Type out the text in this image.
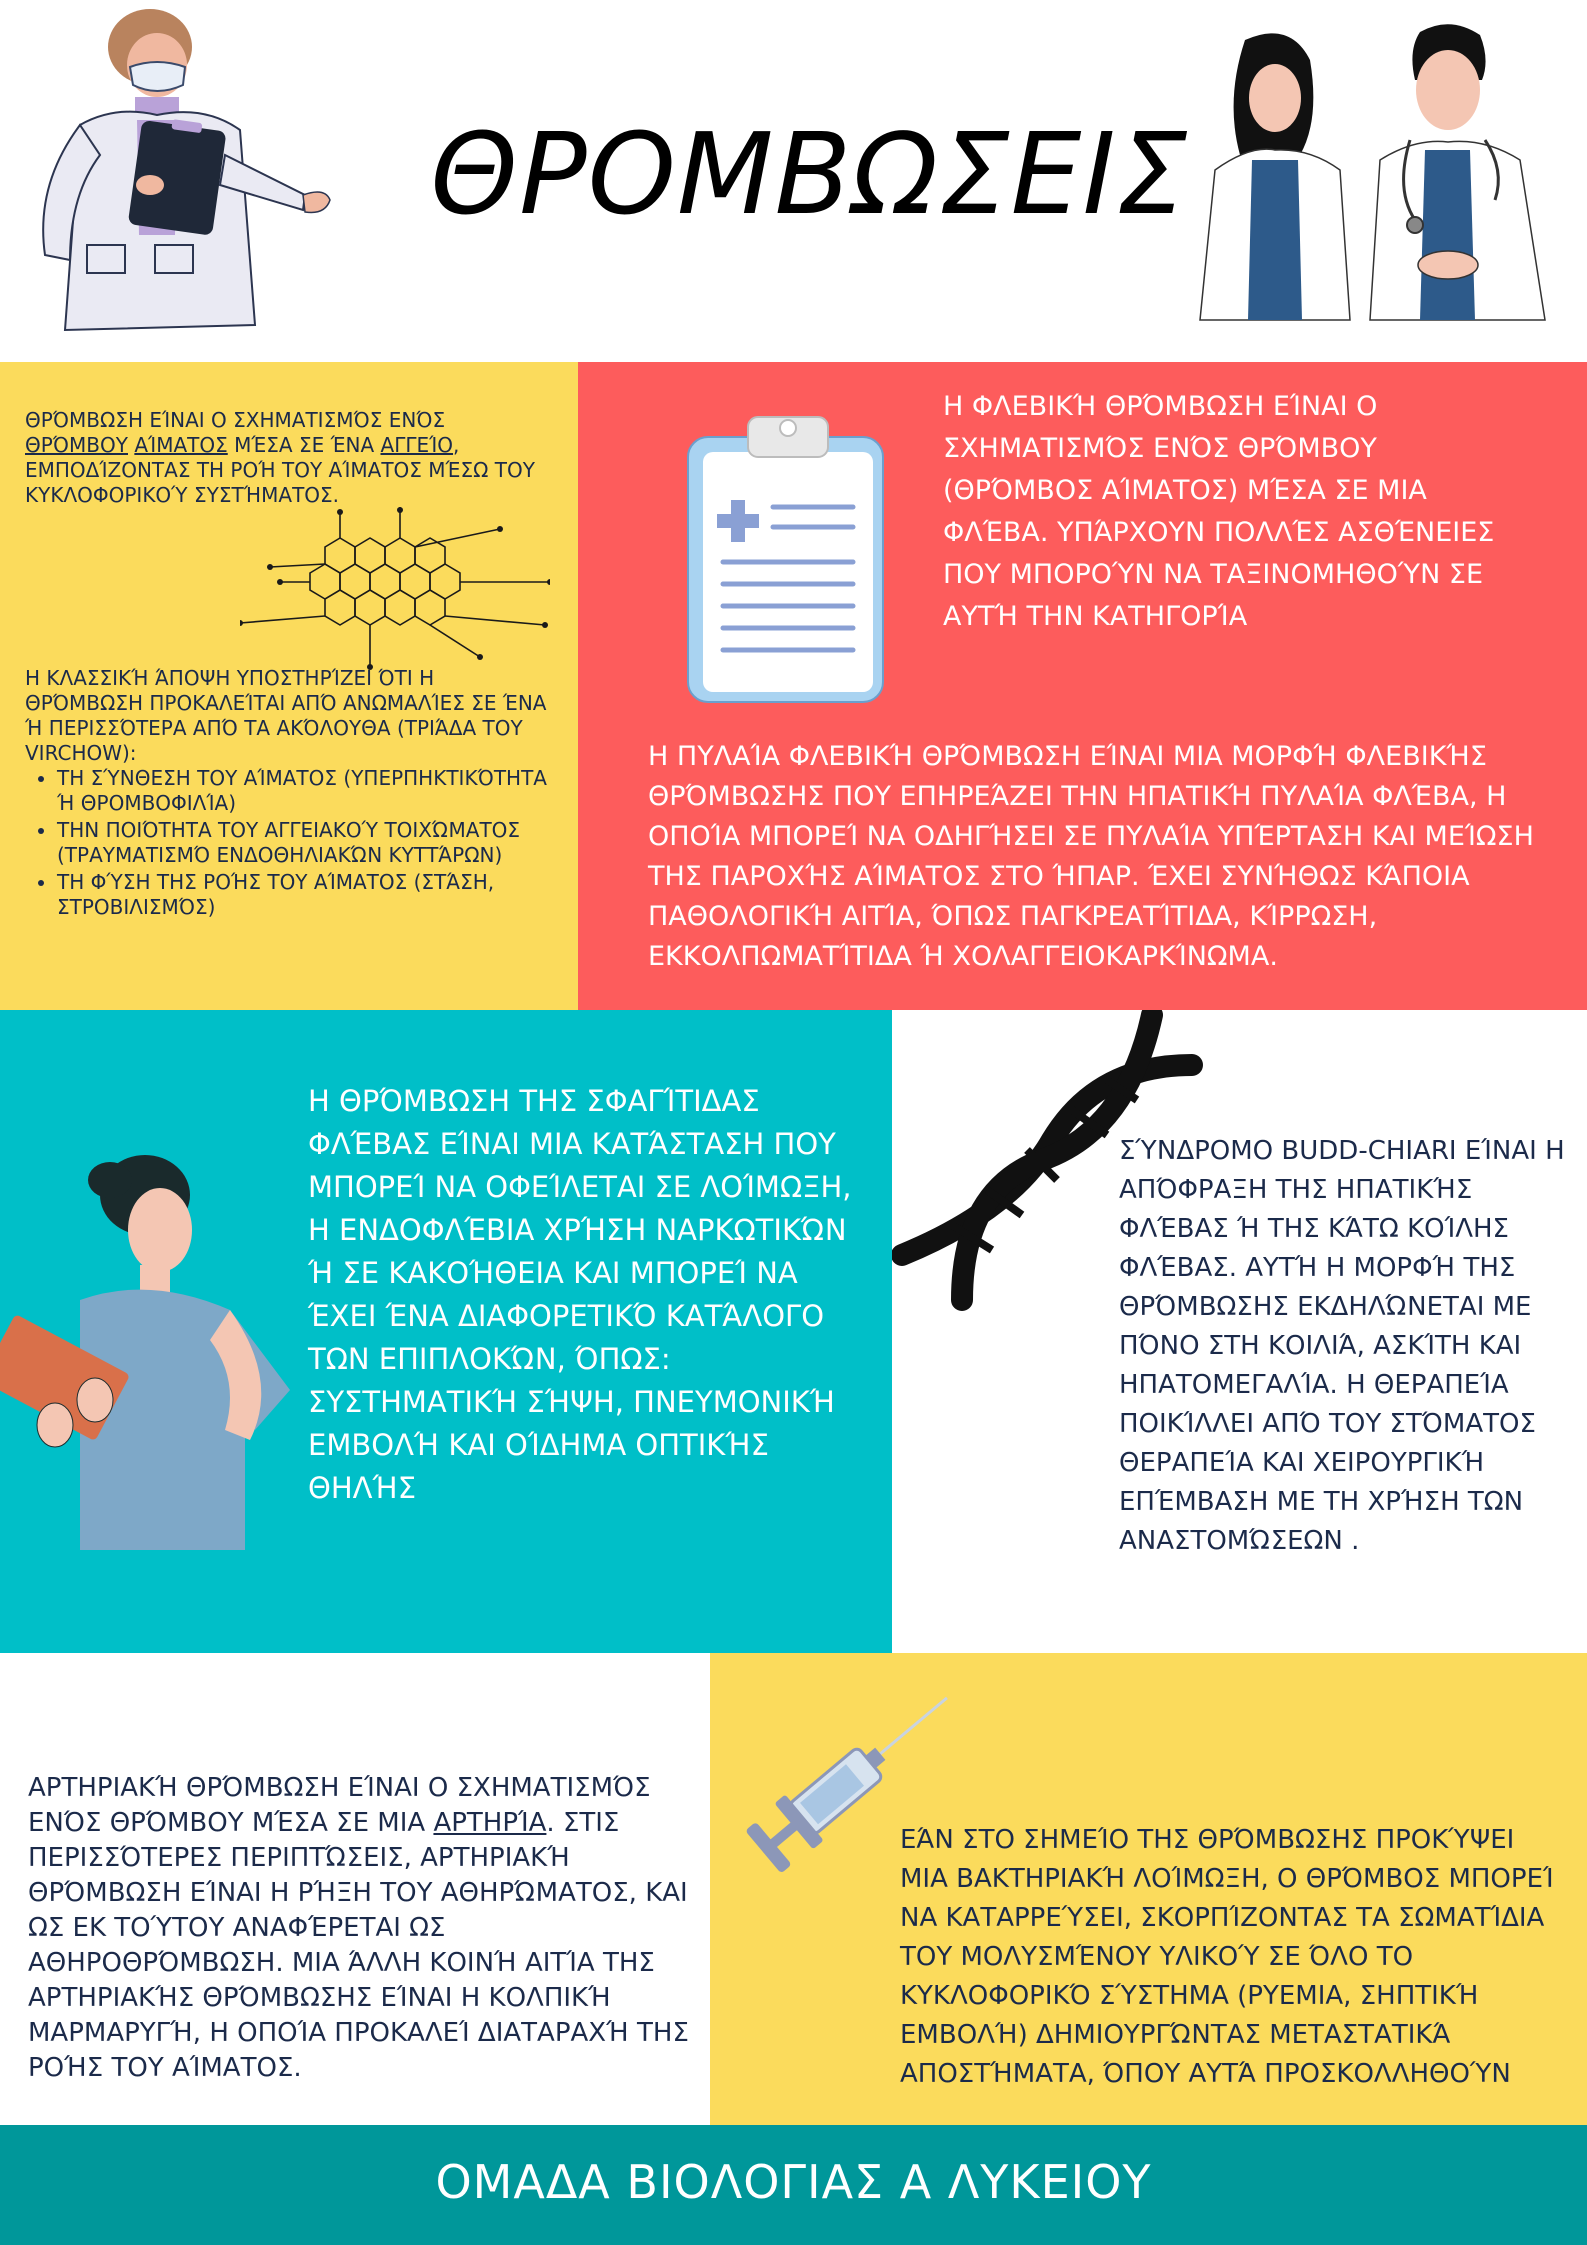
ΘΡΟΜΒΩΣΕΙΣ
ΘΡΌΜΒΩΣΗ ΕΊΝΑΙ Ο ΣΧΗΜΑΤΙΣΜΌΣ ΕΝΌΣ ΘΡΌΜΒΟΥ ΑΊΜΑΤΟΣ ΜΈΣΑ ΣΕ ΈΝΑ ΑΓΓΕΊΟ, ΕΜΠΟΔΊΖΟΝΤΑΣ ΤΗ ΡΟΉ ΤΟΥ ΑΊΜΑΤΟΣ ΜΈΣΩ ΤΟΥ ΚΥΚΛΟΦΟΡΙΚΟΎ ΣΥΣΤΉΜΑΤΟΣ.
Η ΚΛΑΣΣΙΚΉ ΆΠΟΨΗ ΥΠΟΣΤΗΡΊΖΕΙ ΌΤΙ Η ΘΡΌΜΒΩΣΗ ΠΡΟΚΑΛΕΊΤΑΙ ΑΠΌ ΑΝΩΜΑΛΊΕΣ ΣΕ ΈΝΑ Ή ΠΕΡΙΣΣΌΤΕΡΑ ΑΠΌ ΤΑ ΑΚΌΛΟΥΘΑ (ΤΡΙΆΔΑ ΤΟΥ VIRCHOW):
• ΤΗ ΣΎΝΘΕΣΗ ΤΟΥ ΑΊΜΑΤΟΣ (ΥΠΕΡΠΗΚΤΙΚΌΤΗΤΑ Ή ΘΡΟΜΒΟΦΙΛΊΑ)
• ΤΗΝ ΠΟΙΌΤΗΤΑ ΤΟΥ ΑΓΓΕΙΑΚΟΎ ΤΟΙΧΏΜΑΤΟΣ (ΤΡΑΥΜΑΤΙΣΜΌ ΕΝΔΟΘΗΛΙΑΚΏΝ ΚΥΤΤΆΡΩΝ)
• ΤΗ ΦΎΣΗ ΤΗΣ ΡΟΉΣ ΤΟΥ ΑΊΜΑΤΟΣ (ΣΤΆΣΗ, ΣΤΡΟΒΙΛΙΣΜΌΣ)
Η ΦΛΕΒΙΚΉ ΘΡΌΜΒΩΣΗ ΕΊΝΑΙ Ο ΣΧΗΜΑΤΙΣΜΌΣ ΕΝΌΣ ΘΡΌΜΒΟΥ (ΘΡΌΜΒΟΣ ΑΊΜΑΤΟΣ) ΜΈΣΑ ΣΕ ΜΙΑ ΦΛΈΒΑ. ΥΠΆΡΧΟΥΝ ΠΟΛΛΈΣ ΑΣΘΈΝΕΙΕΣ ΠΟΥ ΜΠΟΡΟΎΝ ΝΑ ΤΑΞΙΝΟΜΗΘΟΎΝ ΣΕ ΑΥΤΉ ΤΗΝ ΚΑΤΗΓΟΡΊΑ
Η ΠΥΛΑΊΑ ΦΛΕΒΙΚΉ ΘΡΌΜΒΩΣΗ ΕΊΝΑΙ ΜΙΑ ΜΟΡΦΉ ΦΛΕΒΙΚΉΣ ΘΡΌΜΒΩΣΗΣ ΠΟΥ ΕΠΗΡΕΆΖΕΙ ΤΗΝ ΗΠΑΤΙΚΉ ΠΥΛΑΊΑ ΦΛΈΒΑ, Η ΟΠΟΊΑ ΜΠΟΡΕΊ ΝΑ ΟΔΗΓΉΣΕΙ ΣΕ ΠΥΛΑΊΑ ΥΠΈΡΤΑΣΗ ΚΑΙ ΜΕΊΩΣΗ ΤΗΣ ΠΑΡΟΧΉΣ ΑΊΜΑΤΟΣ ΣΤΟ ΉΠΑΡ. ΈΧΕΙ ΣΥΝΉΘΩΣ ΚΆΠΟΙΑ ΠΑΘΟΛΟΓΙΚΉ ΑΙΤΊΑ, ΌΠΩΣ ΠΑΓΚΡΕΑΤΊΤΙΔΑ, ΚΊΡΡΩΣΗ, ΕΚΚΟΛΠΩΜΑΤΊΤΙΔΑ Ή ΧΟΛΑΓΓΕΙΟΚΑΡΚΊΝΩΜΑ.
Η ΘΡΌΜΒΩΣΗ ΤΗΣ ΣΦΑΓΊΤΙΔΑΣ ΦΛΈΒΑΣ ΕΊΝΑΙ ΜΙΑ ΚΑΤΆΣΤΑΣΗ ΠΟΥ ΜΠΟΡΕΊ ΝΑ ΟΦΕΊΛΕΤΑΙ ΣΕ ΛΟΊΜΩΞΗ, Η ΕΝΔΟΦΛΈΒΙΑ ΧΡΉΣΗ ΝΑΡΚΩΤΙΚΏΝ Ή ΣΕ ΚΑΚΟΉΘΕΙΑ ΚΑΙ ΜΠΟΡΕΊ ΝΑ ΈΧΕΙ ΈΝΑ ΔΙΑΦΟΡΕΤΙΚΌ ΚΑΤΆΛΟΓΟ ΤΩΝ ΕΠΙΠΛΟΚΏΝ, ΌΠΩΣ: ΣΥΣΤΗΜΑΤΙΚΉ ΣΉΨΗ, ΠΝΕΥΜΟΝΙΚΉ ΕΜΒΟΛΉ ΚΑΙ ΟΊΔΗΜΑ ΟΠΤΙΚΉΣ ΘΗΛΉΣ
ΣΎΝΔΡΟΜΟ BUDD-CHIARI ΕΊΝΑΙ Η ΑΠΌΦΡΑΞΗ ΤΗΣ ΗΠΑΤΙΚΉΣ ΦΛΈΒΑΣ Ή ΤΗΣ ΚΆΤΩ ΚΟΊΛΗΣ ΦΛΈΒΑΣ. ΑΥΤΉ Η ΜΟΡΦΉ ΤΗΣ ΘΡΌΜΒΩΣΗΣ ΕΚΔΗΛΏΝΕΤΑΙ ΜΕ ΠΌΝΟ ΣΤΗ ΚΟΙΛΙΆ, ΑΣΚΊΤΗ ΚΑΙ ΗΠΑΤΟΜΕΓΑΛΊΑ. Η ΘΕΡΑΠΕΊΑ ΠΟΙΚΊΛΛΕΙ ΑΠΌ ΤΟΥ ΣΤΌΜΑΤΟΣ ΘΕΡΑΠΕΊΑ ΚΑΙ ΧΕΙΡΟΥΡΓΙΚΉ ΕΠΈΜΒΑΣΗ ΜΕ ΤΗ ΧΡΉΣΗ ΤΩΝ ΑΝΑΣΤΟΜΏΣΕΩΝ .
ΑΡΤΗΡΙΑΚΉ ΘΡΌΜΒΩΣΗ ΕΊΝΑΙ Ο ΣΧΗΜΑΤΙΣΜΌΣ ΕΝΌΣ ΘΡΌΜΒΟΥ ΜΈΣΑ ΣΕ ΜΙΑ ΑΡΤΗΡΊΑ. ΣΤΙΣ ΠΕΡΙΣΣΌΤΕΡΕΣ ΠΕΡΙΠΤΏΣΕΙΣ, ΑΡΤΗΡΙΑΚΉ ΘΡΌΜΒΩΣΗ ΕΊΝΑΙ Η ΡΉΞΗ ΤΟΥ ΑΘΗΡΏΜΑΤΟΣ, ΚΑΙ ΩΣ ΕΚ ΤΟΎΤΟΥ ΑΝΑΦΈΡΕΤΑΙ ΩΣ ΑΘΗΡΟΘΡΌΜΒΩΣΗ. ΜΙΑ ΆΛΛΗ ΚΟΙΝΉ ΑΙΤΊΑ ΤΗΣ ΑΡΤΗΡΙΑΚΉΣ ΘΡΌΜΒΩΣΗΣ ΕΊΝΑΙ Η ΚΟΛΠΙΚΉ ΜΑΡΜΑΡΥΓΉ, Η ΟΠΟΊΑ ΠΡΟΚΑΛΕΊ ΔΙΑΤΑΡΑΧΉ ΤΗΣ ΡΟΉΣ ΤΟΥ ΑΊΜΑΤΟΣ.
ΕΆΝ ΣΤΟ ΣΗΜΕΊΟ ΤΗΣ ΘΡΌΜΒΩΣΗΣ ΠΡΟΚΎΨΕΙ ΜΙΑ ΒΑΚΤΗΡΙΑΚΉ ΛΟΊΜΩΞΗ, Ο ΘΡΌΜΒΟΣ ΜΠΟΡΕΊ ΝΑ ΚΑΤΑΡΡΕΎΣΕΙ, ΣΚΟΡΠΊΖΟΝΤΑΣ ΤΑ ΣΩΜΑΤΊΔΙΑ ΤΟΥ ΜΟΛΥΣΜΈΝΟΥ ΥΛΙΚΟΎ ΣΕ ΌΛΟ ΤΟ ΚΥΚΛΟΦΟΡΙΚΌ ΣΎΣΤΗΜΑ (ΡΥΕΜΙΑ, ΣΗΠΤΙΚΉ ΕΜΒΟΛΉ) ΔΗΜΙΟΥΡΓΏΝΤΑΣ ΜΕΤΑΣΤΑΤΙΚΆ ΑΠΟΣΤΉΜΑΤΑ, ΌΠΟΥ ΑΥΤΆ ΠΡΟΣΚΟΛΛΗΘΟΎΝ
ΟΜΑΔΑ ΒΙΟΛΟΓΙΑΣ Α ΛΥΚΕΙΟΥ
